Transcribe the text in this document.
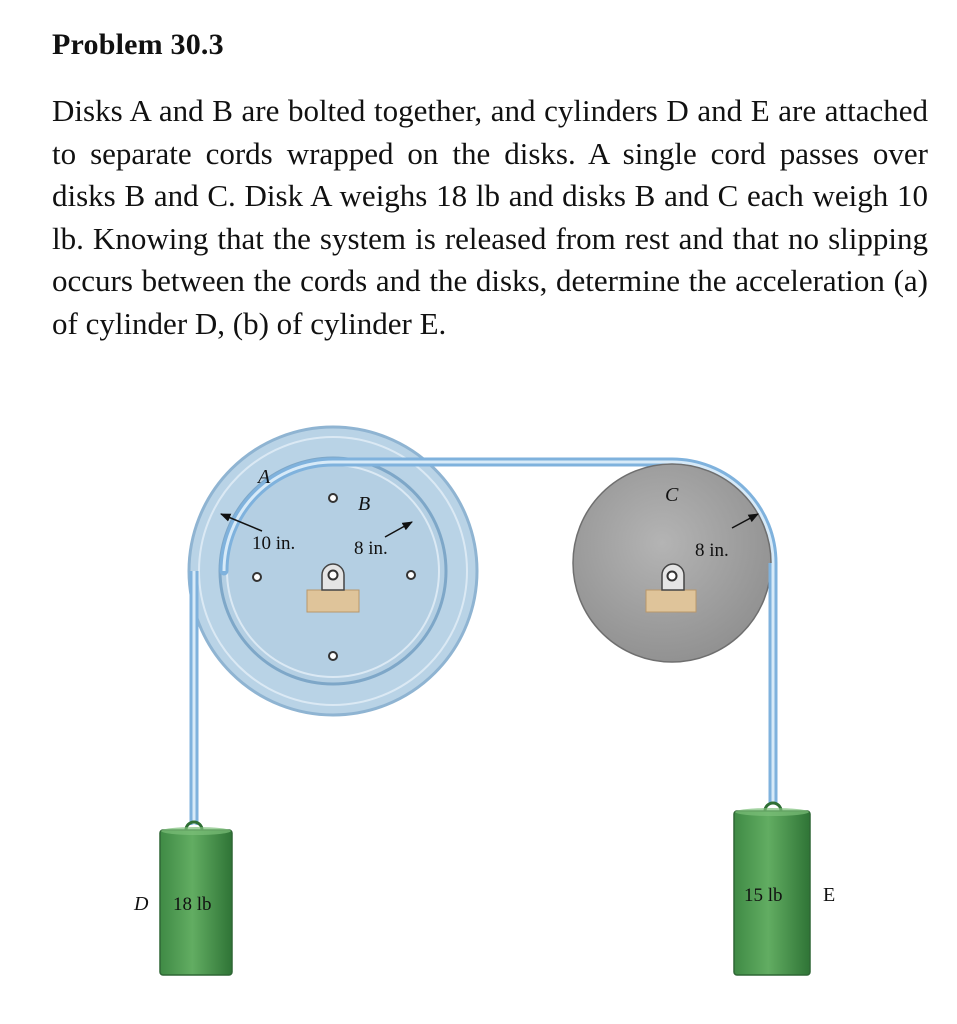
Problem 30.3
Disks A and B are bolted together, and cylinders D and E are attached to separate cords wrapped on the disks. A single cord passes over disks B and C. Disk A weighs 18 lb and disks B and C each weigh 10 lb. Knowing that the system is released from rest and that no slipping occurs between the cords and the disks, determine the acceleration (a) of cylinder D, (b) of cylinder E.
A
B	C
10 in.	8 in.	8 in.
D 18 lb	15 lb E
